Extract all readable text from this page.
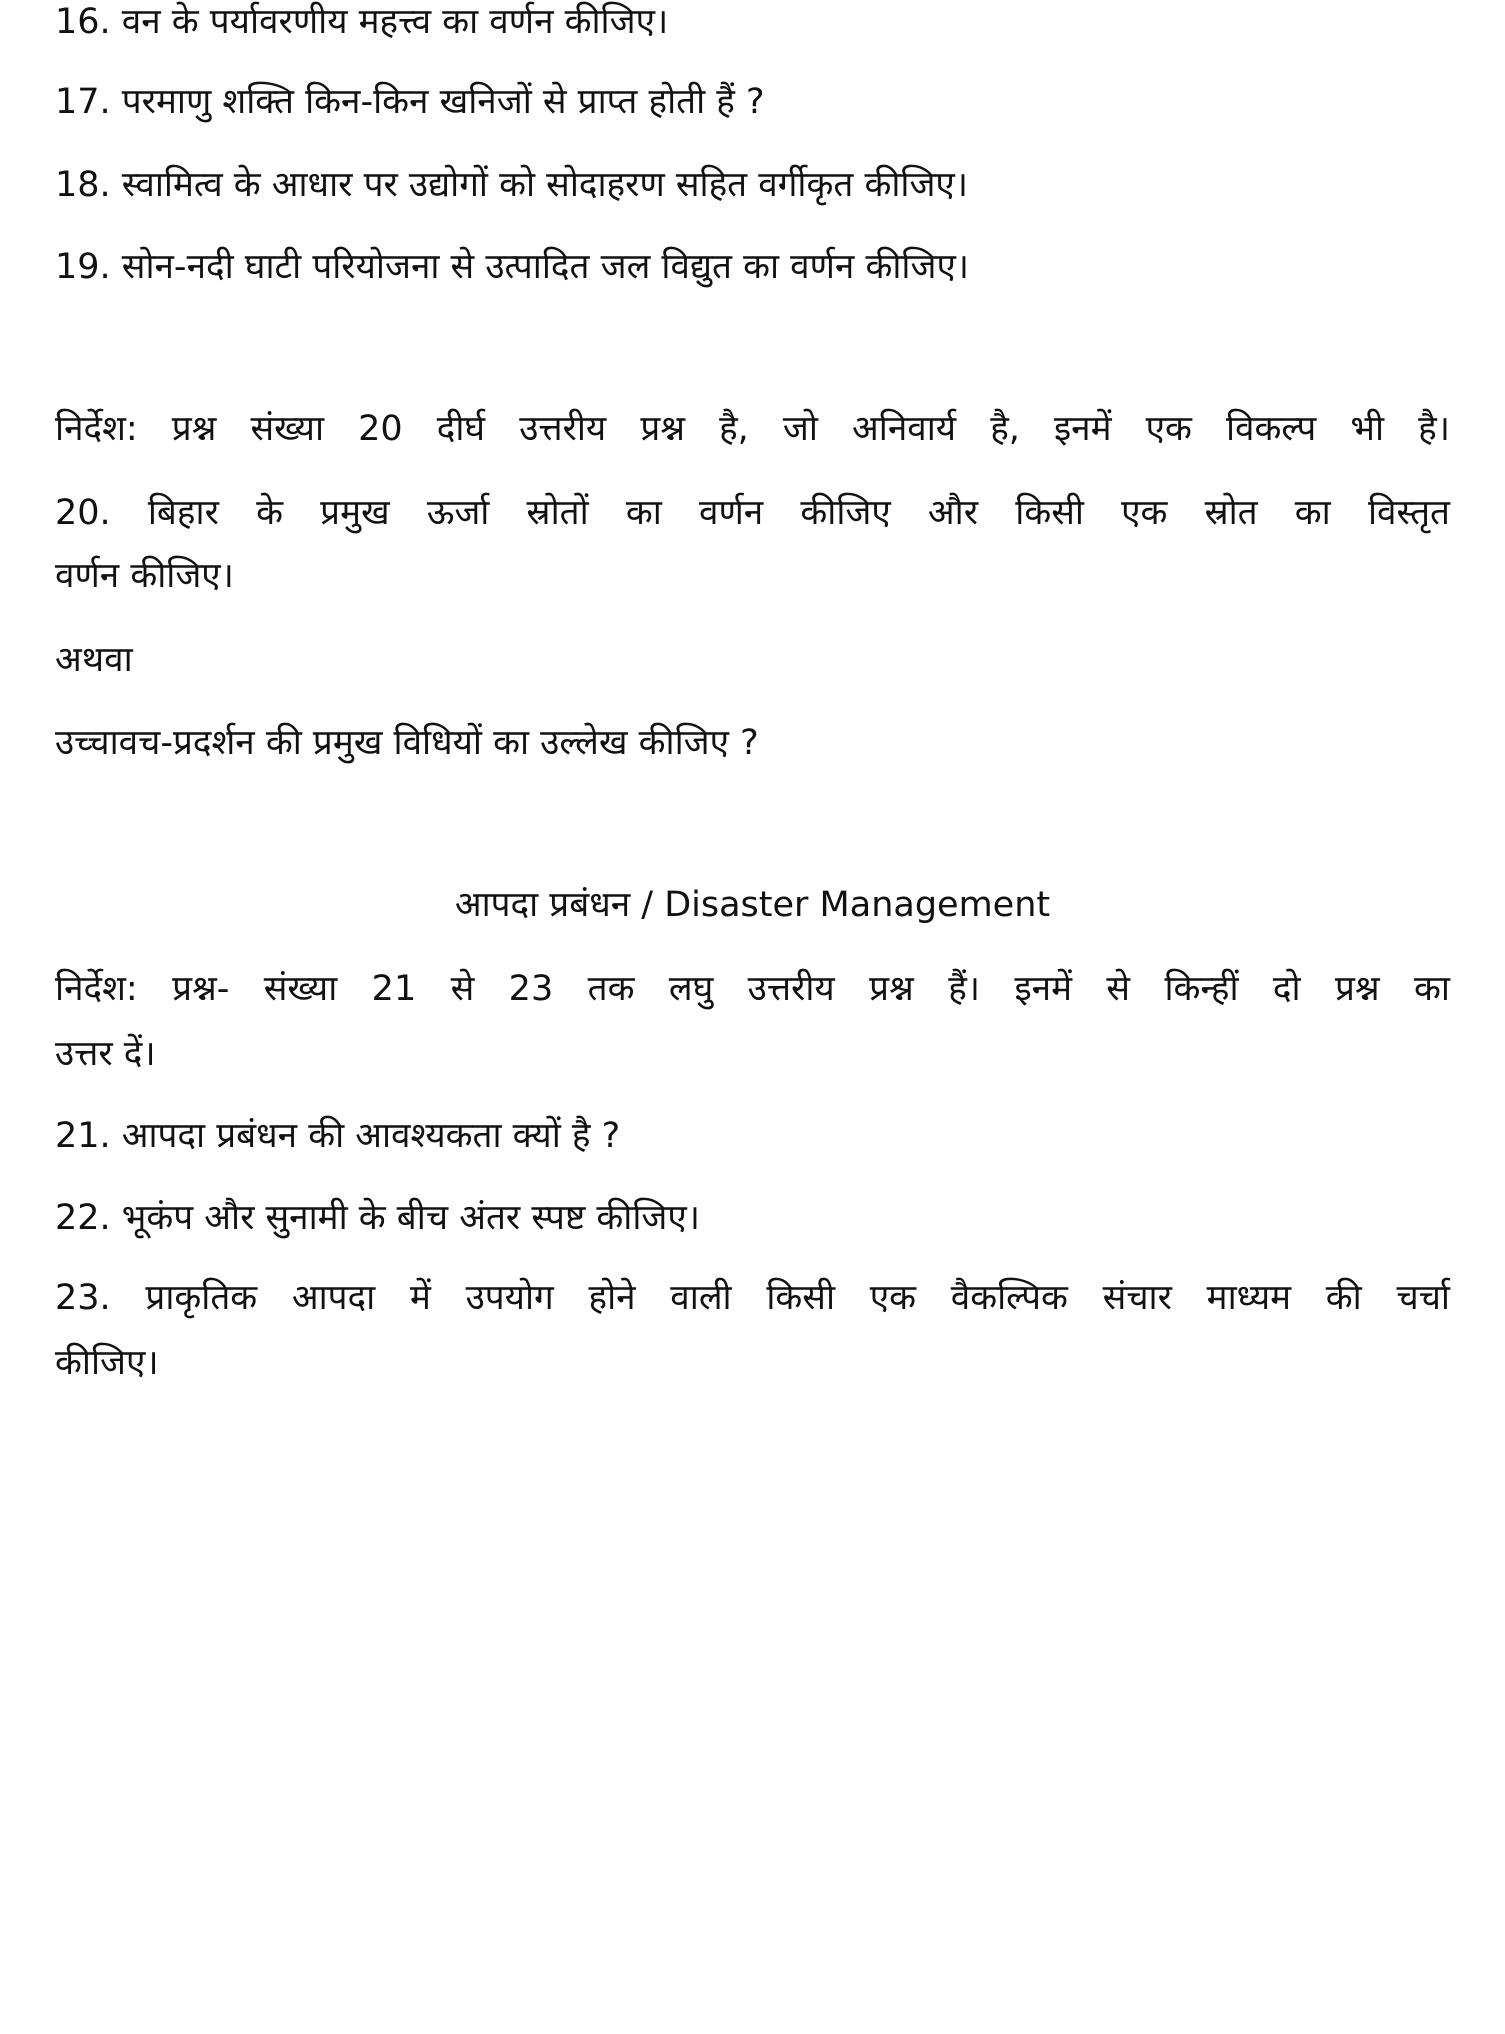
16. वन के पर्यावरणीय महत्त्व का वर्णन कीजिए।
17. परमाणु शक्ति किन-किन खनिजों से प्राप्त होती हैं ?
18. स्वामित्व के आधार पर उद्योगों को सोदाहरण सहित वर्गीकृत कीजिए।
19. सोन-नदी घाटी परियोजना से उत्पादित जल विद्युत का वर्णन कीजिए।
निर्देश: प्रश्न संख्या 20 दीर्घ उत्तरीय प्रश्न है, जो अनिवार्य है, इनमें एक विकल्प भी है।
20. बिहार के प्रमुख ऊर्जा स्रोतों का वर्णन कीजिए और किसी एक स्रोत का विस्तृत
वर्णन कीजिए।
अथवा
उच्चावच-प्रदर्शन की प्रमुख विधियों का उल्लेख कीजिए ?
आपदा प्रबंधन / Disaster Management
निर्देश: प्रश्न- संख्या 21 से 23 तक लघु उत्तरीय प्रश्न हैं। इनमें से किन्हीं दो प्रश्न का
उत्तर दें।
21. आपदा प्रबंधन की आवश्यकता क्यों है ?
22. भूकंप और सुनामी के बीच अंतर स्पष्ट कीजिए।
23. प्राकृतिक आपदा में उपयोग होने वाली किसी एक वैकल्पिक संचार माध्यम की चर्चा
कीजिए।
